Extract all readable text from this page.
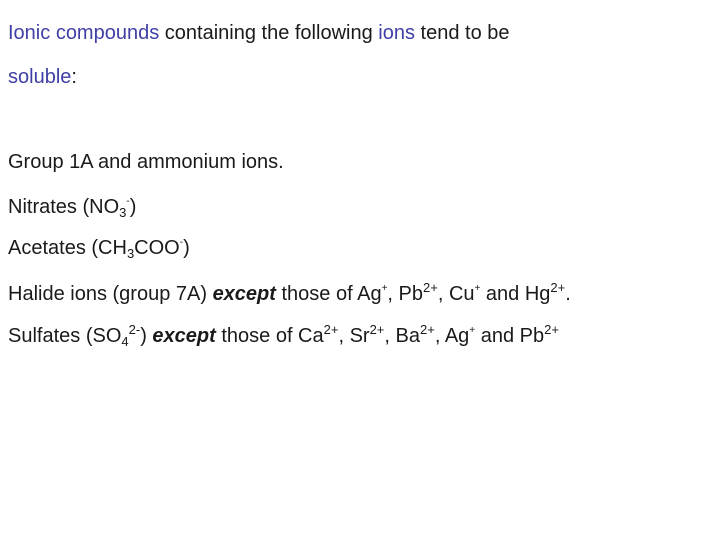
Ionic compounds containing the following ions tend to be
soluble:
Group 1A and ammonium ions.
Nitrates $(NO_3^-)$
Acetates $(CH_3COO^-)$
Halide ions (group 7A) except those of Ag+, $Pb^{2+}$, Cu+ and $Hg^{2+}$.
Sulfates $(SO_4^{2-})$ except those of $Ca^{2+}$, $Sr^{2+}$, $Ba^{2+}$, Ag+ and $Pb^{2+}$
